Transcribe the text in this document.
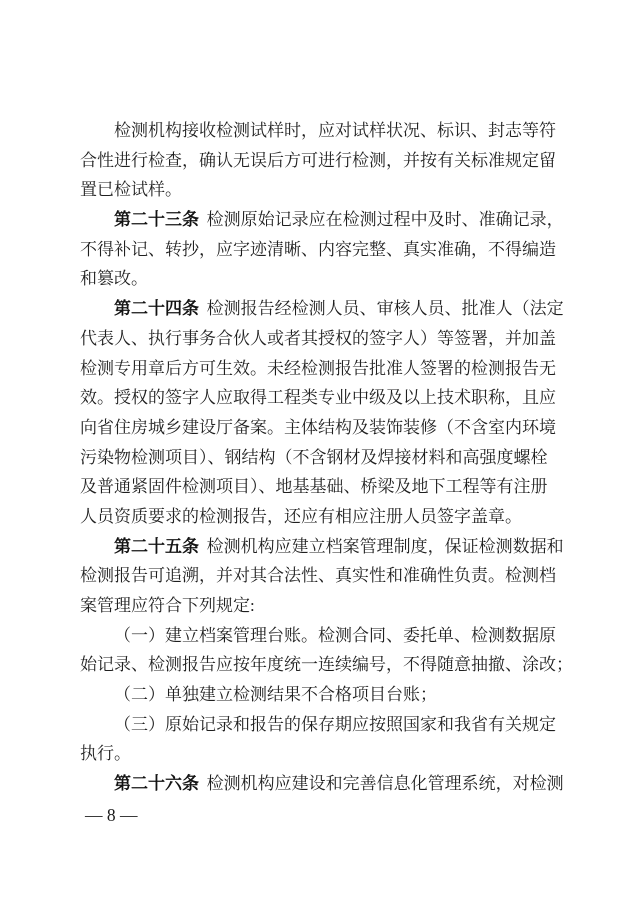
检测机构接收检测试样时，应对试样状况、标识、封志等符
合性进行检查，确认无误后方可进行检测，并按有关标准规定留
置已检试样。
第二十三条 检测原始记录应在检测过程中及时、准确记录，
不得补记、转抄，应字迹清晰、内容完整、真实准确，不得编造
和篡改。
第二十四条 检测报告经检测人员、审核人员、批准人（法定
代表人、执行事务合伙人或者其授权的签字人）等签署，并加盖
检测专用章后方可生效。未经检测报告批准人签署的检测报告无
效。授权的签字人应取得工程类专业中级及以上技术职称，且应
向省住房城乡建设厅备案。主体结构及装饰装修（不含室内环境
污染物检测项目）、钢结构（不含钢材及焊接材料和高强度螺栓
及普通紧固件检测项目）、地基基础、桥梁及地下工程等有注册
人员资质要求的检测报告，还应有相应注册人员签字盖章。
第二十五条 检测机构应建立档案管理制度，保证检测数据和
检测报告可追溯，并对其合法性、真实性和准确性负责。检测档
案管理应符合下列规定:
（一）建立档案管理台账。检测合同、委托单、检测数据原
始记录、检测报告应按年度统一连续编号，不得随意抽撤、涂改；
（二）单独建立检测结果不合格项目台账；
（三）原始记录和报告的保存期应按照国家和我省有关规定
执行。
第二十六条 检测机构应建设和完善信息化管理系统，对检测
— 8 —
